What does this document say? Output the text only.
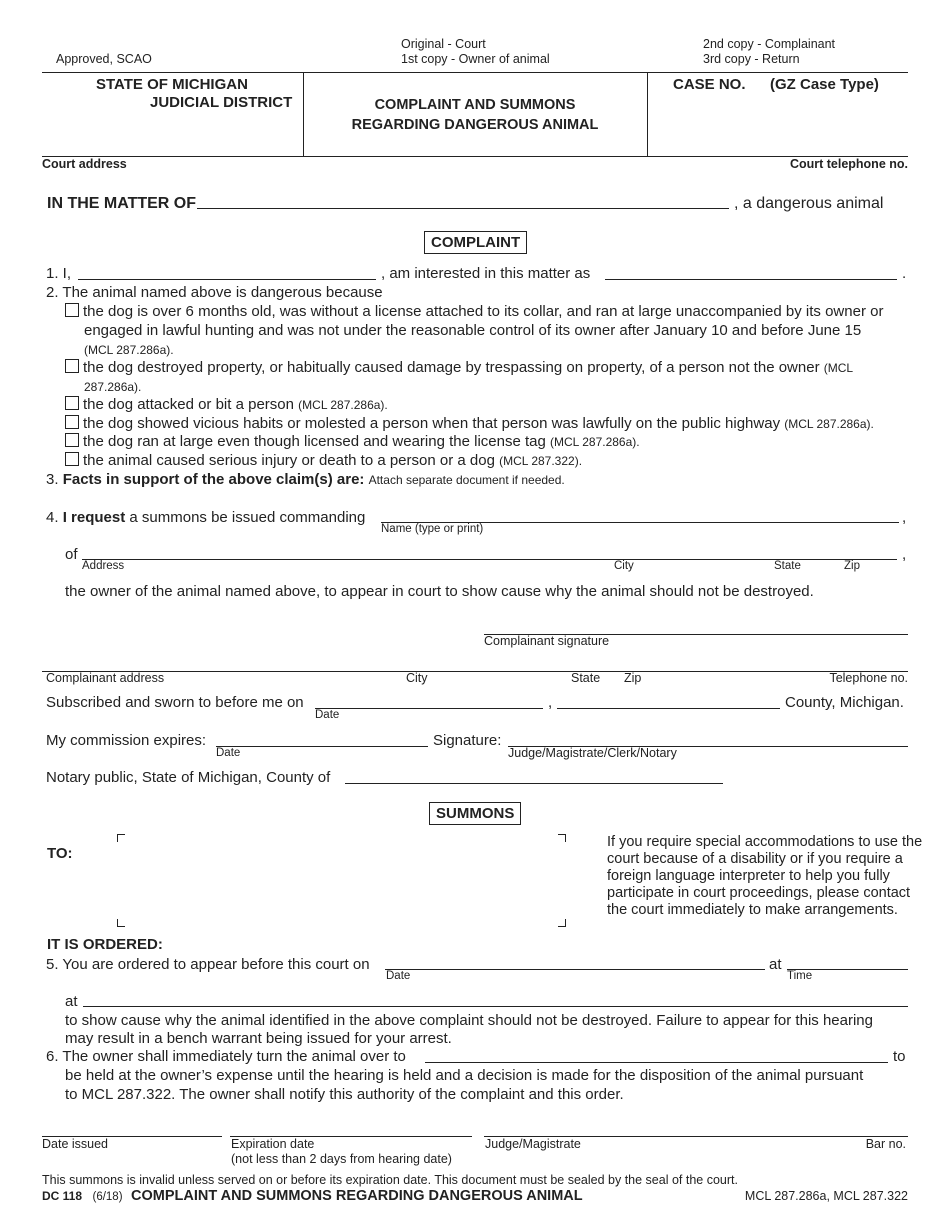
Approved, SCAO
Original - Court
1st copy - Owner of animal
2nd copy - Complainant
3rd copy - Return
STATE OF MICHIGAN
JUDICIAL DISTRICT	COMPLAINT AND SUMMONS
REGARDING DANGEROUS ANIMAL
CASE NO. (GZ Case Type)
Court address	Court telephone no.
IN THE MATTER OF	, a dangerous animal
COMPLAINT
1. I,	, am interested in this matter as	.
2. The animal named above is dangerous because
the dog is over 6 months old, was without a license attached to its collar, and ran at large unaccompanied by its owner or
engaged in lawful hunting and was not under the reasonable control of its owner after January 10 and before June 15
(MCL 287.286a).
the dog destroyed property, or habitually caused damage by trespassing on property, of a person not the owner (MCL
287.286a).
the dog attacked or bit a person (MCL 287.286a).
the dog showed vicious habits or molested a person when that person was lawfully on the public highway (MCL 287.286a).
the dog ran at large even though licensed and wearing the license tag (MCL 287.286a).
the animal caused serious injury or death to a person or a dog (MCL 287.322).
3. Facts in support of the above claim(s) are: Attach separate document if needed.
4. I request a summons be issued commanding	,
Name (type or print)
of	,
Address	City	State	Zip
the owner of the animal named above, to appear in court to show cause why the animal should not be destroyed.
Complainant signature
Complainant address	City	State Zip	Telephone no.
Subscribed and sworn to before me on
Date
,	County, Michigan.
My commission expires:
Date
Signature:
Judge/Magistrate/Clerk/Notary
Notary public, State of Michigan, County of
SUMMONS
TO:
If you require special accommodations to use the
court because of a disability or if you require a
foreign language interpreter to help you fully
participate in court proceedings, please contact
the court immediately to make arrangements.
IT IS ORDERED:
5. You are ordered to appear before this court on
Date
at
Time
at
to show cause why the animal identified in the above complaint should not be destroyed. Failure to appear for this hearing
may result in a bench warrant being issued for your arrest.
6. The owner shall immediately turn the animal over to	to
be held at the owner’s expense until the hearing is held and a decision is made for the disposition of the animal pursuant
to MCL 287.322. The owner shall notify this authority of the complaint and this order.
Date issued	Expiration date
(not less than 2 days from hearing date)
Judge/Magistrate	Bar no.
This summons is invalid unless served on or before its expiration date. This document must be sealed by the seal of the court.
DC 118 (6/18) COMPLAINT AND SUMMONS REGARDING DANGEROUS ANIMAL	MCL 287.286a, MCL 287.322
